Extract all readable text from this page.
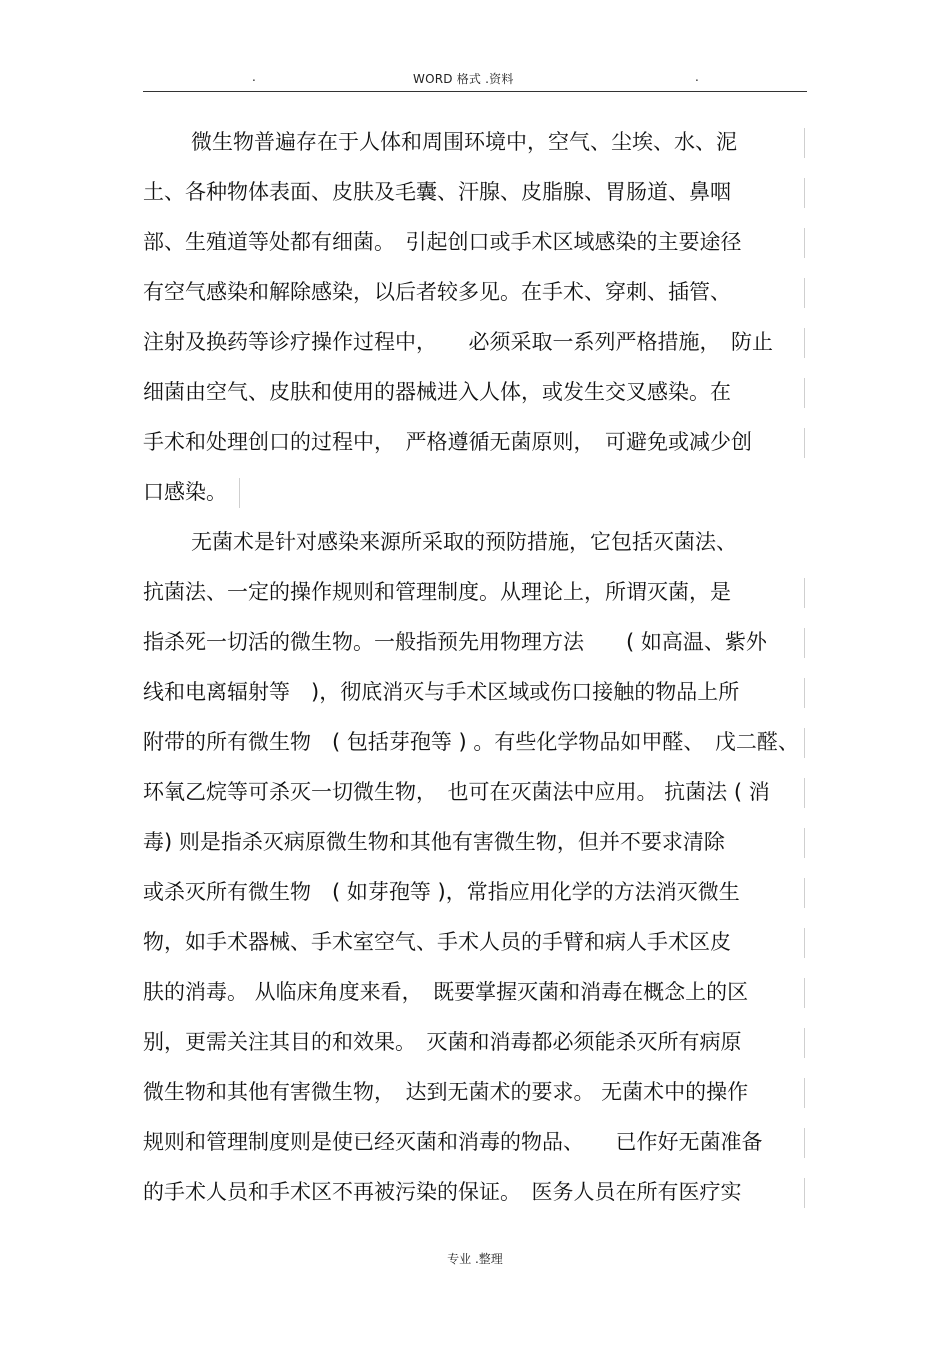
.	WORD 格式 .资料	.
微生物普遍存在于人体和周围环境中，空气、尘埃、水、泥
土、各种物体表面、皮肤及毛囊、汗腺、皮脂腺、胃肠道、鼻咽
部、生殖道等处都有细菌。　引起创口或手术区域感染的主要途径
有空气感染和解除感染，以后者较多见。在手术、穿刺、插管、
注射及换药等诊疗操作过程中，　　必须采取一系列严格措施，　防止
细菌由空气、皮肤和使用的器械进入人体，或发生交叉感染。在
手术和处理创口的过程中，　严格遵循无菌原则，　可避免或减少创
口感染。
无菌术是针对感染来源所采取的预防措施，它包括灭菌法、
抗菌法、一定的操作规则和管理制度。从理论上，所谓灭菌，是
指杀死一切活的微生物。一般指预先用物理方法　　( 如高温、紫外
线和电离辐射等　)，彻底消灭与手术区域或伤口接触的物品上所
附带的所有微生物　( 包括芽孢等 ) 。有些化学物品如甲醛、　戊二醛、
环氧乙烷等可杀灭一切微生物，　也可在灭菌法中应用。 抗菌法 ( 消
毒) 则是指杀灭病原微生物和其他有害微生物，但并不要求清除
或杀灭所有微生物　( 如芽孢等 )，常指应用化学的方法消灭微生
物，如手术器械、手术室空气、手术人员的手臂和病人手术区皮
肤的消毒。 从临床角度来看，　既要掌握灭菌和消毒在概念上的区
别，更需关注其目的和效果。　灭菌和消毒都必须能杀灭所有病原
微生物和其他有害微生物，　达到无菌术的要求。 无菌术中的操作
规则和管理制度则是使已经灭菌和消毒的物品、　　已作好无菌准备
的手术人员和手术区不再被污染的保证。　医务人员在所有医疗实
专业 .整理
